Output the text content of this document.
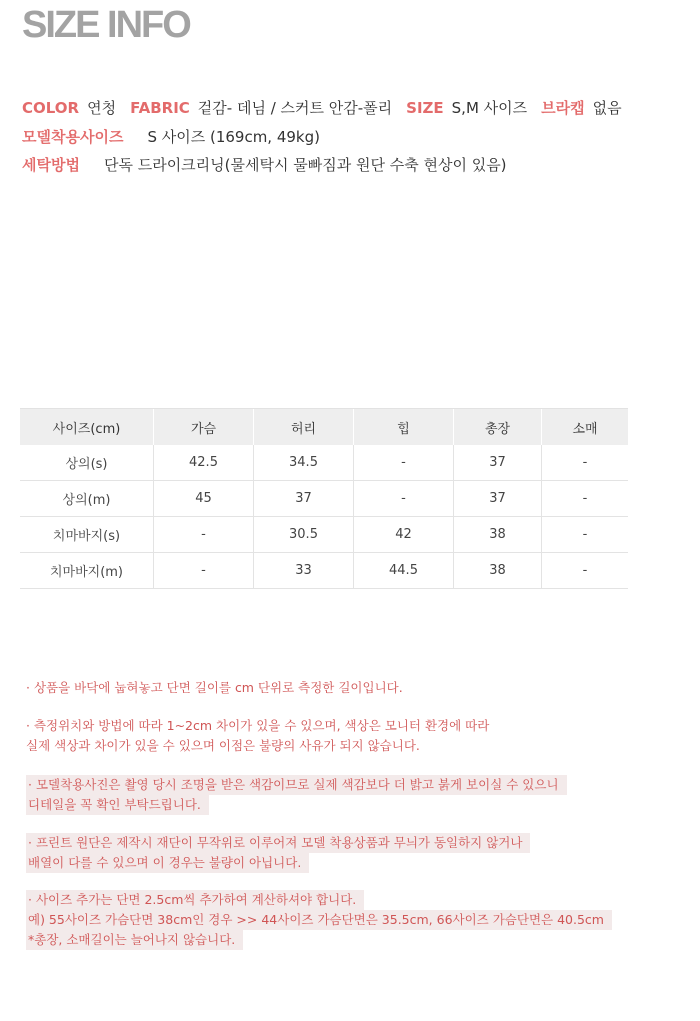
SIZE INFO
COLOR 연청 FABRIC 겉감- 데님 / 스커트 안감-폴리 SIZE S,M 사이즈 브라캡 없음
모델착용사이즈 S 사이즈 (169cm, 49kg)
세탁방법 단독 드라이크리닝(물세탁시 물빠짐과 원단 수축 현상이 있음)
사이즈(cm)	가슴	허리	힙	총장	소매
상의(s)	42.5	34.5	-	37	-
상의(m)	45	37	-	37	-
치마바지(s)	-	30.5	42	38	-
치마바지(m)	-	33	44.5	38	-

· 상품을 바닥에 눕혀놓고 단면 길이를 cm 단위로 측정한 길이입니다.

· 측정위치와 방법에 따라 1~2cm 차이가 있을 수 있으며, 색상은 모니터 환경에 따라

실제 색상과 차이가 있을 수 있으며 이점은 불량의 사유가 되지 않습니다.

· 모델착용사진은 촬영 당시 조명을 받은 색감이므로 실제 색감보다 더 밝고 붉게 보이실 수 있으니

디테일을 꼭 확인 부탁드립니다.

· 프린트 원단은 제작시 재단이 무작위로 이루어져 모델 착용상품과 무늬가 동일하지 않거나

배열이 다를 수 있으며 이 경우는 불량이 아닙니다.

· 사이즈 추가는 단면 2.5cm씩 추가하여 계산하셔야 합니다.

예) 55사이즈 가슴단면 38cm인 경우 >> 44사이즈 가슴단면은 35.5cm, 66사이즈 가슴단면은 40.5cm

*총장, 소매길이는 늘어나지 않습니다.
